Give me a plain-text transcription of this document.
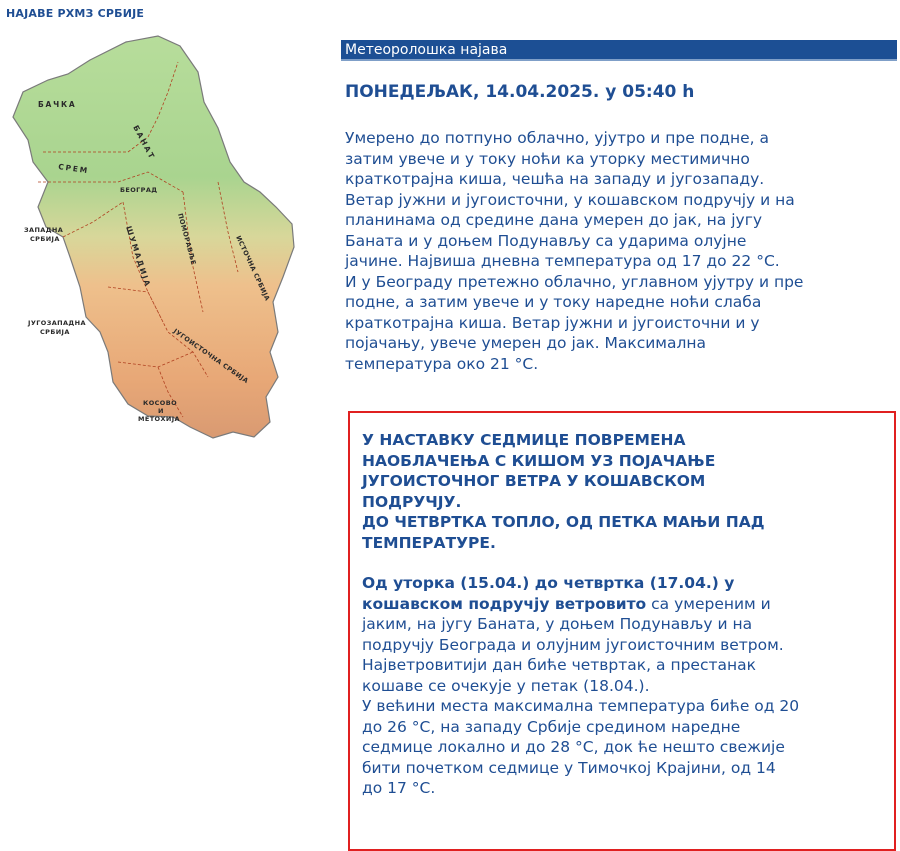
НАЈАВЕ РХМЗ СРБИЈЕ
БАЧКА
БАНАТ
СРЕМ
БЕОГРАД
ЗАПАДНА
СРБИЈА	ШУМАДИЈА	ПОМОРАВЉЕ	ИСТОЧНА СРБИЈА
ЈУГОЗАПАДНА
СРБИЈА	ЈУГОИСТОЧНА СРБИЈА
КОСОВО
И
МЕТОХИЈА
Метеоролошка најава
ПОНЕДЕЉАК, 14.04.2025. у 05:40 h
Умерено до потпуно облачно, ујутро и пре подне, а
затим увече и у току ноћи ка уторку местимично
краткотрајна киша, чешћа на западу и југозападу.
Ветар јужни и југоисточни, у кошавском подручју и на
планинама од средине дана умерен до јак, на југу
Баната и у доњем Подунављу са ударима олујне
јачине. Највиша дневна температура од 17 до 22 °C.
И у Београду претежно облачно, углавном ујутру и пре
подне, а затим увече и у току наредне ноћи слаба
краткотрајна киша. Ветар јужни и југоисточни и у
појачању, увече умерен до јак. Максимална
температура око 21 °C.

У НАСТАВКУ СЕДМИЦЕ ПОВРЕМЕНА
НАОБЛАЧЕЊА С КИШОМ УЗ ПОЈАЧАЊЕ
ЈУГОИСТОЧНОГ ВЕТРА У КОШАВСКОМ
ПОДРУЧЈУ.
ДО ЧЕТВРТКА ТОПЛО, ОД ПЕТКА МАЊИ ПАД
ТЕМПЕРАТУРЕ.

Од уторка (15.04.) до четвртка (17.04.) у
кошавском подручју ветровито са умереним и
јаким, на југу Баната, у доњем Подунављу и на
подручју Београда и олујним југоисточним ветром.
Најветровитији дан биће четвртак, а престанак
кошаве се очекује у петак (18.04.).
У већини места максимална температура биће од 20
до 26 °C, на западу Србије средином наредне
седмице локално и до 28 °C, док ће нешто свежије
бити почетком седмице у Тимочкој Крајини, од 14
до 17 °C.
